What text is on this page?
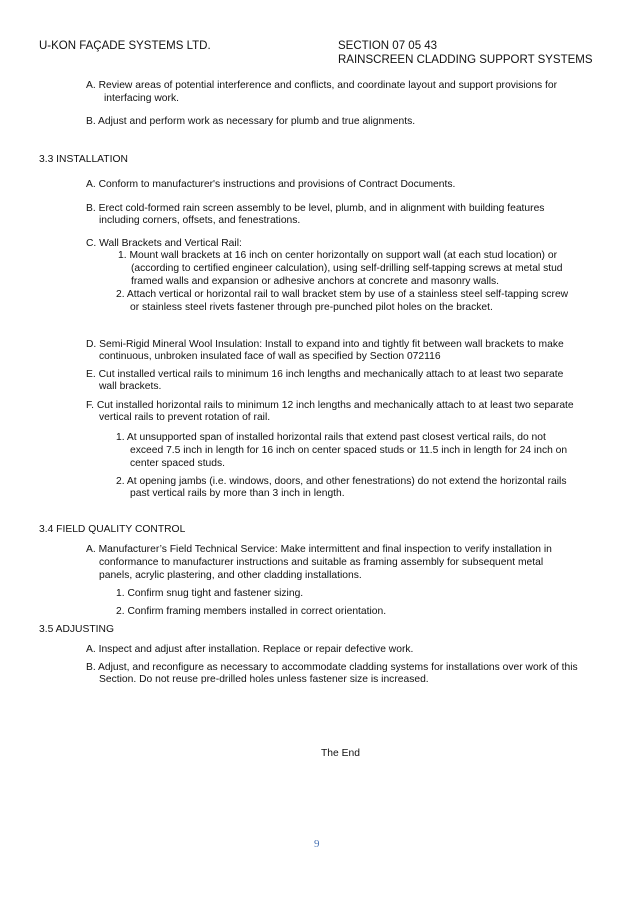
U-KON FAÇADE SYSTEMS LTD.	SECTION 07 05 43
RAINSCREEN CLADDING SUPPORT SYSTEMS
A. Review areas of potential interference and conflicts, and coordinate layout and support provisions for
interfacing work.
B. Adjust and perform work as necessary for plumb and true alignments.
3.3 INSTALLATION
A. Conform to manufacturer's instructions and provisions of Contract Documents.
B. Erect cold-formed rain screen assembly to be level, plumb, and in alignment with building features
including corners, offsets, and fenestrations.
C. Wall Brackets and Vertical Rail:
1. Mount wall brackets at 16 inch on center horizontally on support wall (at each stud location) or
(according to certified engineer calculation), using self-drilling self-tapping screws at metal stud
framed walls and expansion or adhesive anchors at concrete and masonry walls.
2. Attach vertical or horizontal rail to wall bracket stem by use of a stainless steel self-tapping screw
or stainless steel rivets fastener through pre-punched pilot holes on the bracket.
D. Semi-Rigid Mineral Wool Insulation: Install to expand into and tightly fit between wall brackets to make
continuous, unbroken insulated face of wall as specified by Section 072116
E. Cut installed vertical rails to minimum 16 inch lengths and mechanically attach to at least two separate
wall brackets.
F. Cut installed horizontal rails to minimum 12 inch lengths and mechanically attach to at least two separate
vertical rails to prevent rotation of rail.
1. At unsupported span of installed horizontal rails that extend past closest vertical rails, do not
exceed 7.5 inch in length for 16 inch on center spaced studs or 11.5 inch in length for 24 inch on
center spaced studs.
2. At opening jambs (i.e. windows, doors, and other fenestrations) do not extend the horizontal rails
past vertical rails by more than 3 inch in length.
3.4 FIELD QUALITY CONTROL
A. Manufacturer’s Field Technical Service: Make intermittent and final inspection to verify installation in
conformance to manufacturer instructions and suitable as framing assembly for subsequent metal
panels, acrylic plastering, and other cladding installations.
1. Confirm snug tight and fastener sizing.
2. Confirm framing members installed in correct orientation.
3.5 ADJUSTING
A. Inspect and adjust after installation. Replace or repair defective work.
B. Adjust, and reconfigure as necessary to accommodate cladding systems for installations over work of this
Section. Do not reuse pre-drilled holes unless fastener size is increased.
The End
9
